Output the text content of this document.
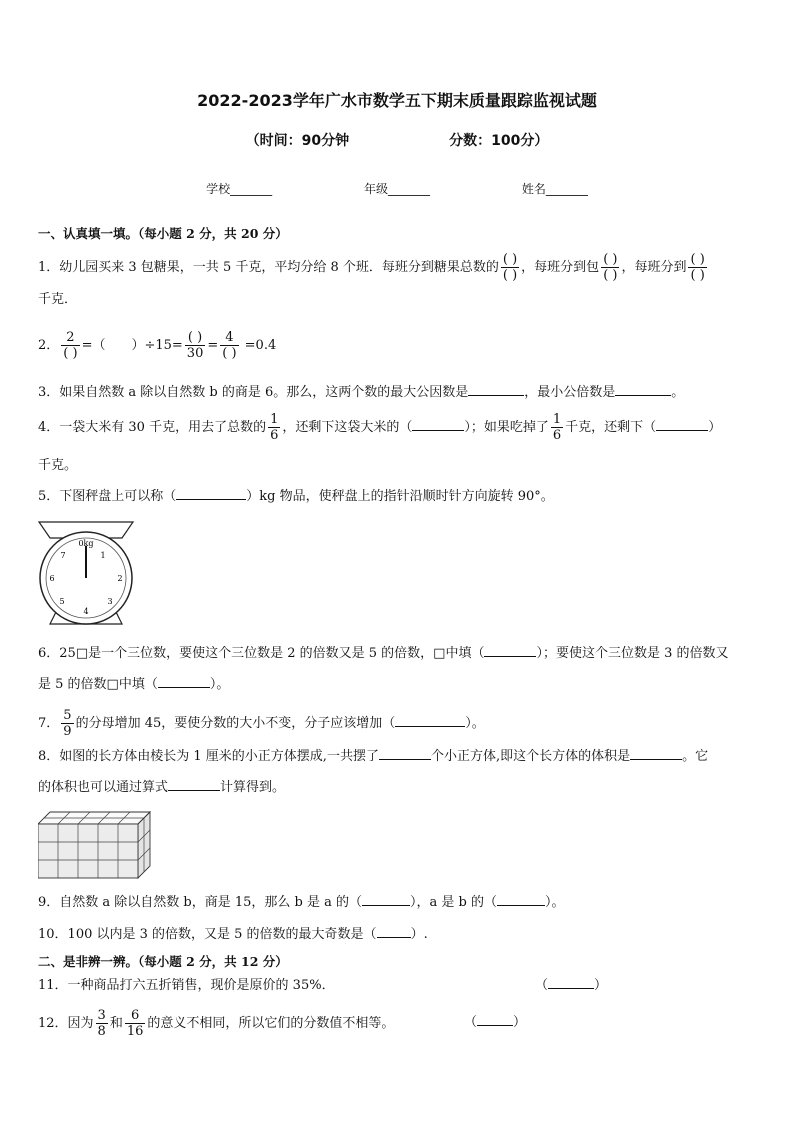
2022-2023学年广水市数学五下期末质量跟踪监视试题
（时间：90分钟	分数：100分）
学校_______	年级_______	姓名_______
一、认真填一填。（每小题 2 分，共 20 分）
1．幼儿园买来 3 包糖果，一共 5 千克，平均分给 8 个班．每班分到糖果总数的 $\frac{( )}{( )}$ ，每班分到包 $\frac{( )}{( )}$ ，每班分到 $\frac{( )}{( )}$
千克．
2． $\frac{2}{( )}$ =（　　）$\div 15= \frac{( )}{30} = \frac{4}{( )} =0.4$
3．如果自然数 a 除以自然数 b 的商是 6。那么，这两个数的最大公因数是	，最小公倍数是	。
4．一袋大米有 30 千克，用去了总数的 $\frac{1}{6}$ ，还剩下这袋大米的（	）；如果吃掉了 $\frac{1}{6}$ 千克，还剩下（	）
千克。
5．下图秤盘上可以称（	）kg 物品，使秤盘上的指针沿顺时针方向旋转 90°。
0kg
1
2
3
4
5
6
7
6．25□是一个三位数，要使这个三位数是 2 的倍数又是 5 的倍数，□中填（	）；要使这个三位数是 3 的倍数又
是 5 的倍数□中填（	）。
7． $\frac{5}{9}$ 的分母增加 45，要使分数的大小不变，分子应该增加（	）。
8．如图的长方体由棱长为 1 厘米的小正方体摆成,一共摆了	个小正方体,即这个长方体的体积是	。它
的体积也可以通过算式	计算得到。
9．自然数 a 除以自然数 b，商是 15，那么 b 是 a 的（	），a 是 b 的（	）。
10．100 以内是 3 的倍数，又是 5 的倍数的最大奇数是（	）.
二、是非辨一辨。（每小题 2 分，共 12 分）
11．一种商品打六五折销售，现价是原价的 35%．	（	）
12．因为 $\frac{3}{8}$ 和 $\frac{6}{16}$ 的意义不相同，所以它们的分数值不相等。	（	）
